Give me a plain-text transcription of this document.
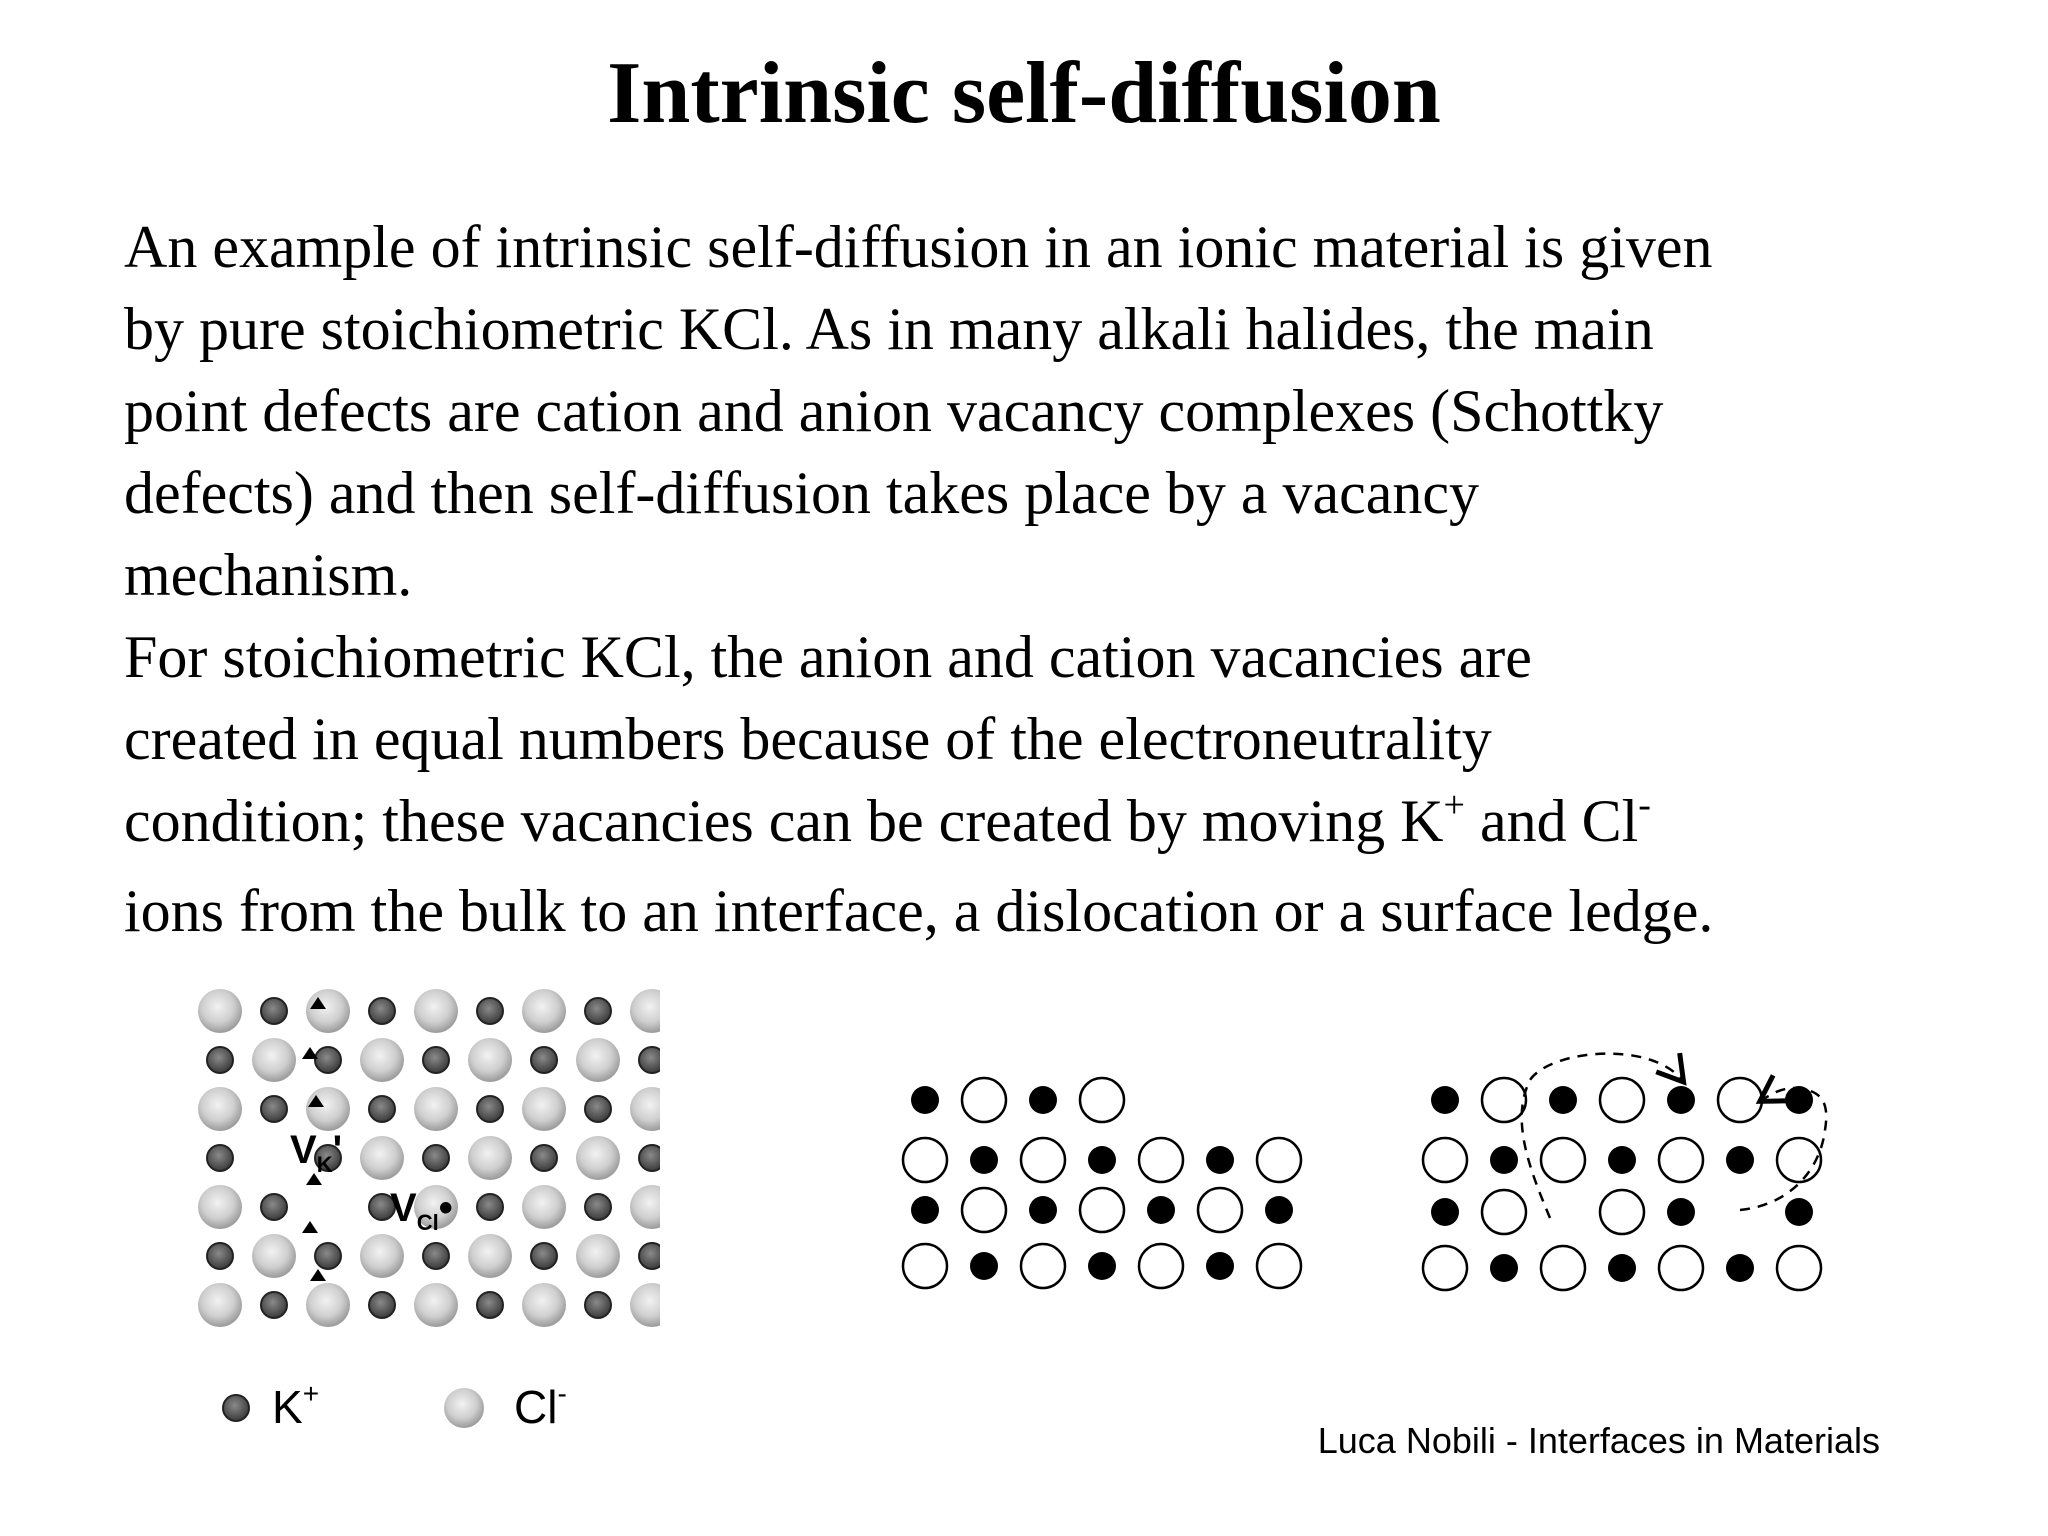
Intrinsic self-diffusion

An example of intrinsic self-diffusion in an ionic material is given
by pure stoichiometric KCl. As in many alkali halides, the main
point defects are cation and anion vacancy complexes (Schottky
defects) and then self-diffusion takes place by a vacancy
mechanism.

For stoichiometric KCl, the anion and cation vacancies are
created in equal numbers because of the electroneutrality
condition; these vacancies can be created by moving K+ and Cl-
ions from the bulk to an interface, a dislocation or a surface ledge.

$V_K'$
$V_{Cl}•$
K+	Cl-
Luca Nobili - Interfaces in Materials
